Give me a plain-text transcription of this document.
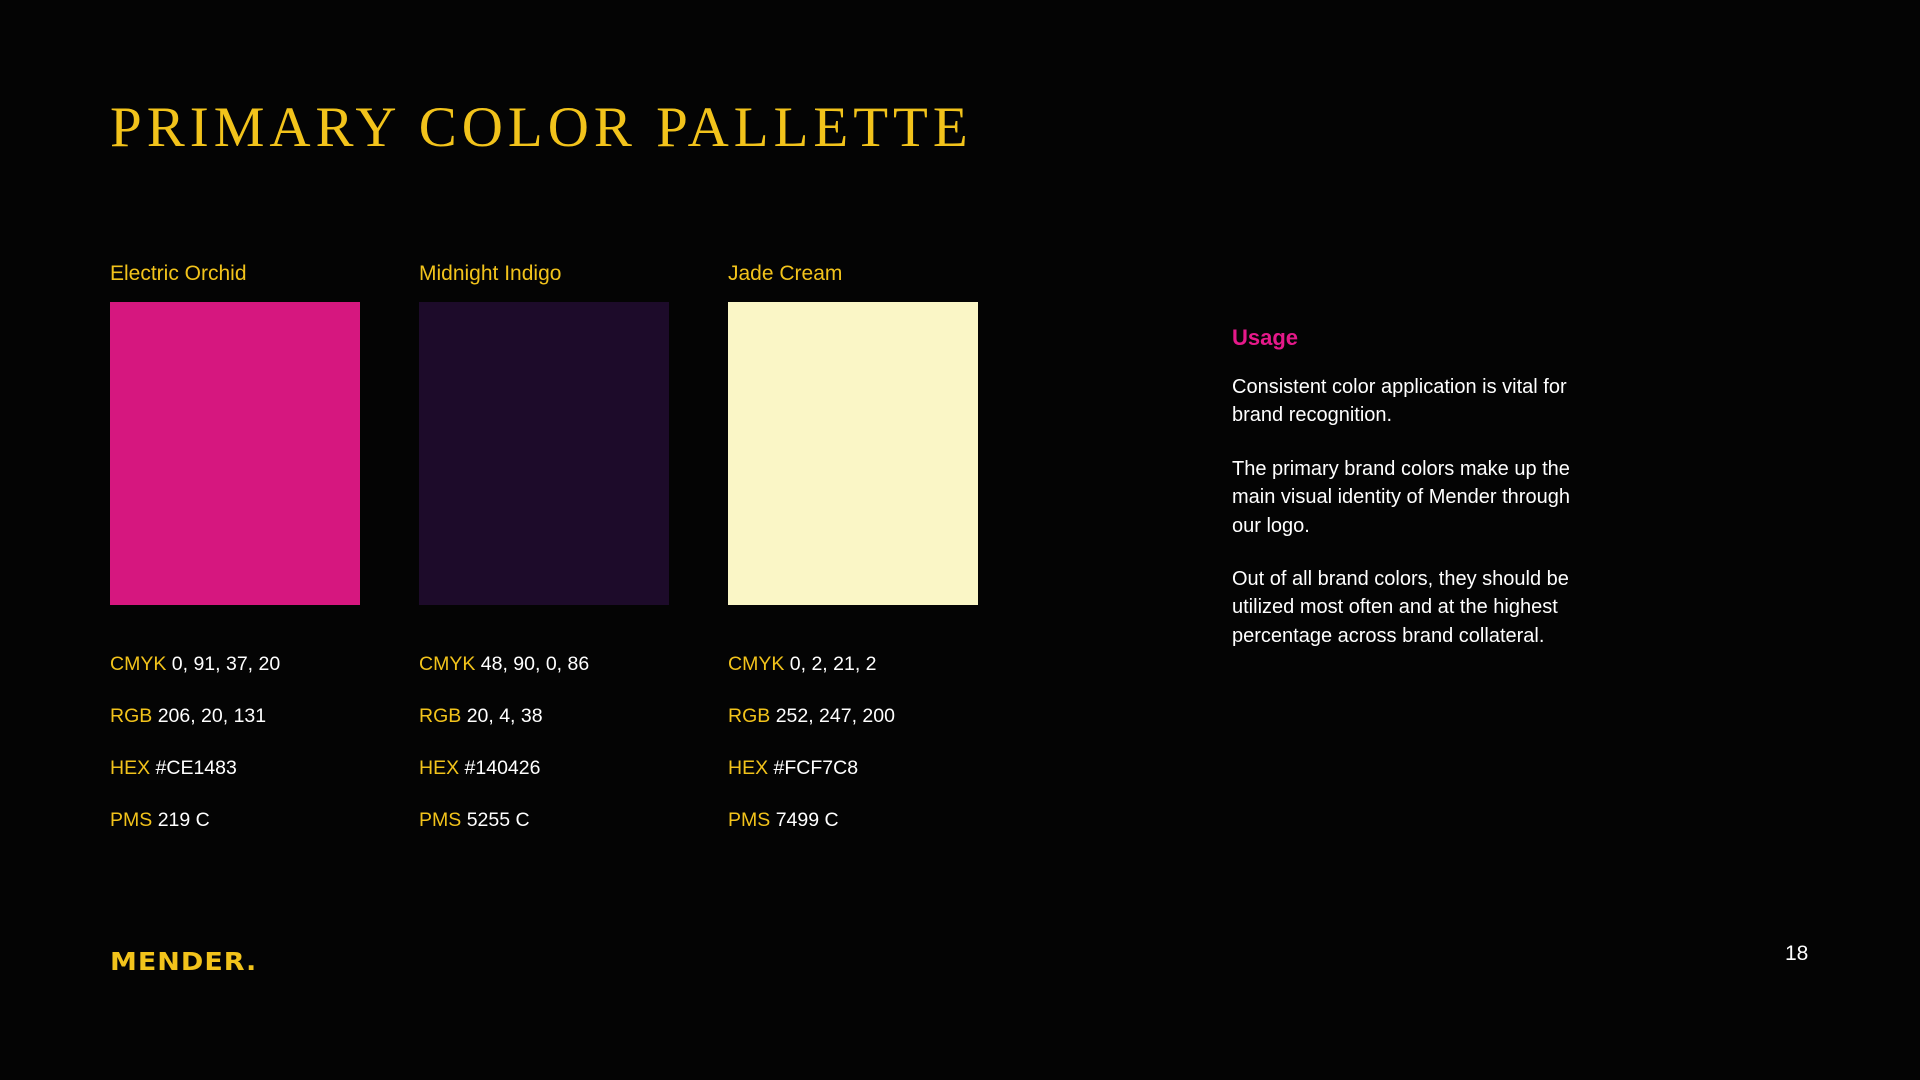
PRIMARY COLOR PALLETTE
Electric Orchid
CMYK 0, 91, 37, 20
RGB 206, 20, 131
HEX #CE1483
PMS 219 C
Midnight Indigo
CMYK 48, 90, 0, 86
RGB 20, 4, 38
HEX #140426
PMS 5255 C
Jade Cream
CMYK 0, 2, 21, 2
RGB 252, 247, 200
HEX #FCF7C8
PMS 7499 C
Usage
Consistent color application is vital for brand recognition.
The primary brand colors make up the main visual identity of Mender through our logo.
Out of all brand colors, they should be utilized most often and at the highest percentage across brand collateral.
MENDER.	18
